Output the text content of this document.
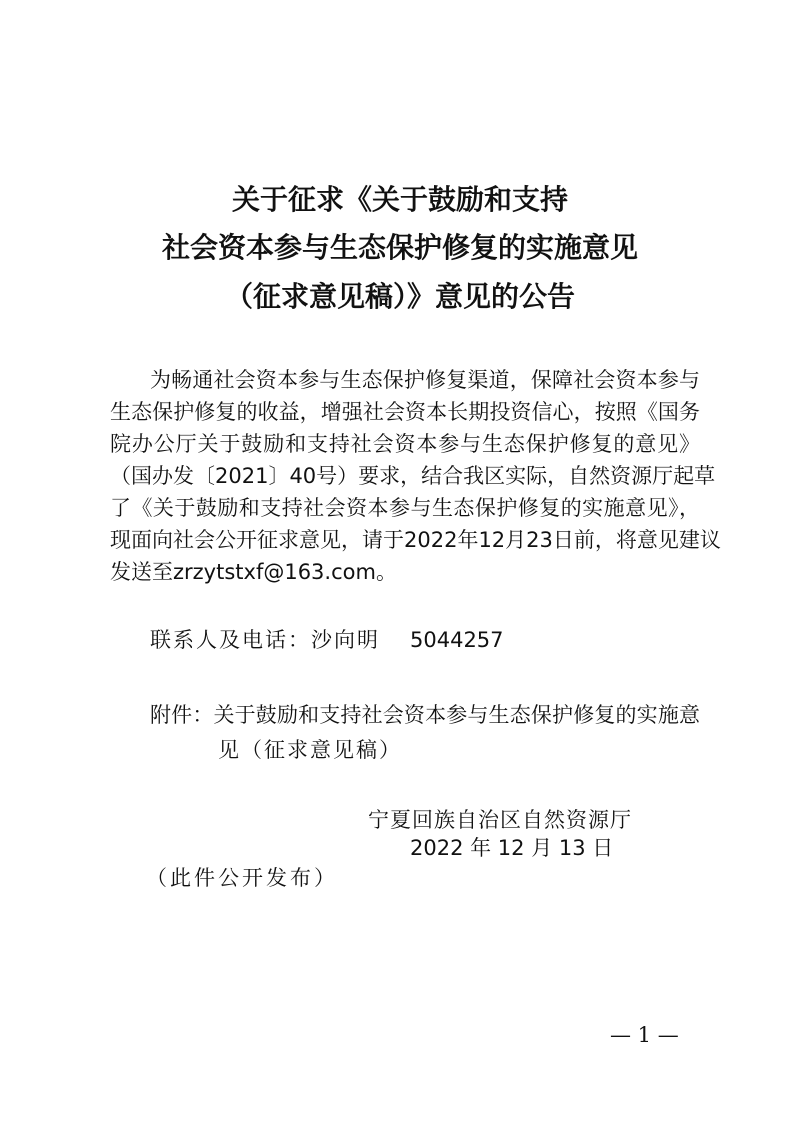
关于征求《关于鼓励和支持
社会资本参与生态保护修复的实施意见
（征求意见稿）》意见的公告
为畅通社会资本参与生态保护修复渠道，保障社会资本参与
生态保护修复的收益，增强社会资本长期投资信心，按照《国务
院办公厅关于鼓励和支持社会资本参与生态保护修复的意见》
（国办发〔2021〕40号）要求，结合我区实际，自然资源厅起草
了《关于鼓励和支持社会资本参与生态保护修复的实施意见》，
现面向社会公开征求意见，请于2022年12月23日前，将意见建议
发送至zrzytstxf@163.com。
联系人及电话：沙向明 5044257
附件：关于鼓励和支持社会资本参与生态保护修复的实施意
见（征求意见稿）
宁夏回族自治区自然资源厅
2022 年 12 月 13 日
（此件公开发布）
— 1 —
